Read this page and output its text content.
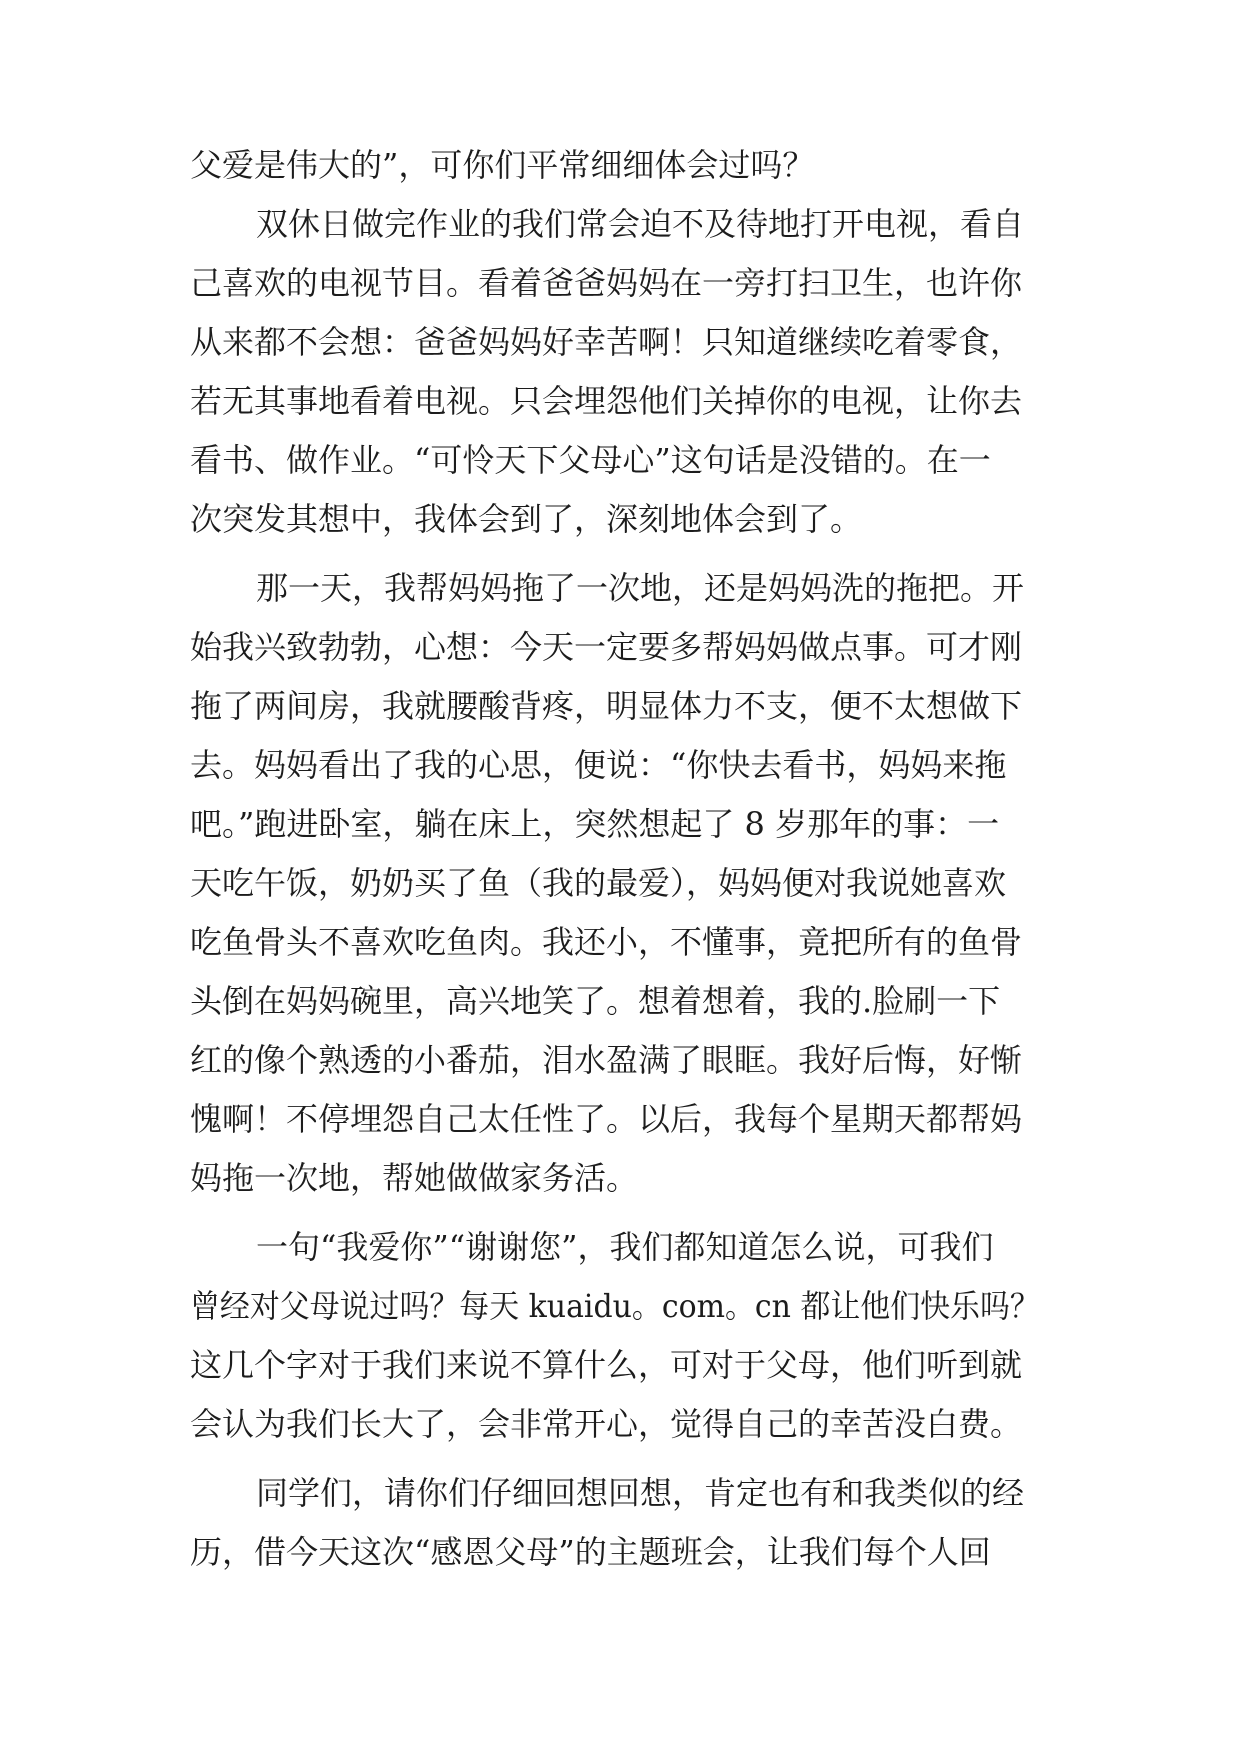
父爱是伟大的”，可你们平常细细体会过吗？
双休日做完作业的我们常会迫不及待地打开电视，看自
己喜欢的电视节目。看着爸爸妈妈在一旁打扫卫生，也许你
从来都不会想：爸爸妈妈好幸苦啊！只知道继续吃着零食，
若无其事地看着电视。只会埋怨他们关掉你的电视，让你去
看书、做作业。“可怜天下父母心”这句话是没错的。在一
次突发其想中，我体会到了，深刻地体会到了。
那一天，我帮妈妈拖了一次地，还是妈妈洗的拖把。开
始我兴致勃勃，心想：今天一定要多帮妈妈做点事。可才刚
拖了两间房，我就腰酸背疼，明显体力不支，便不太想做下
去。妈妈看出了我的心思，便说：“你快去看书，妈妈来拖
吧。”跑进卧室，躺在床上，突然想起了 8 岁那年的事：一
天吃午饭，奶奶买了鱼（我的最爱），妈妈便对我说她喜欢
吃鱼骨头不喜欢吃鱼肉。我还小，不懂事，竟把所有的鱼骨
头倒在妈妈碗里，高兴地笑了。想着想着，我的.脸刷一下
红的像个熟透的小番茄，泪水盈满了眼眶。我好后悔，好惭
愧啊！不停埋怨自己太任性了。以后，我每个星期天都帮妈
妈拖一次地，帮她做做家务活。
一句“我爱你”“谢谢您”，我们都知道怎么说，可我们
曾经对父母说过吗？每天 kuaidu。com。cn 都让他们快乐吗？
这几个字对于我们来说不算什么，可对于父母，他们听到就
会认为我们长大了，会非常开心，觉得自己的幸苦没白费。
同学们，请你们仔细回想回想，肯定也有和我类似的经
历，借今天这次“感恩父母”的主题班会，让我们每个人回
